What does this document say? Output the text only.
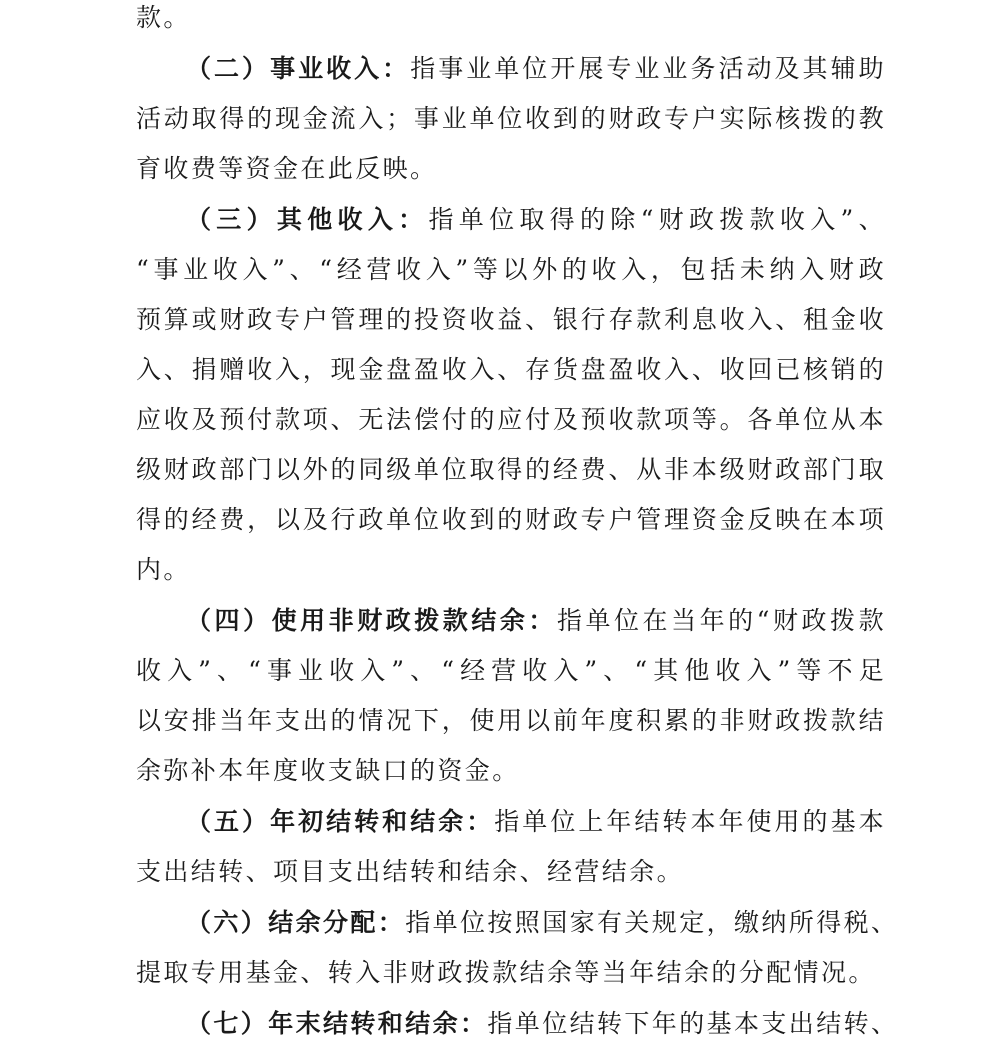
款。
（二）事业收入：指事业单位开展专业业务活动及其辅助
活动取得的现金流入；事业单位收到的财政专户实际核拨的教
育收费等资金在此反映。
（三）其他收入：指单位取得的除“财政拨款收入”、
“事业收入”、“经营收入”等以外的收入，包括未纳入财政
预算或财政专户管理的投资收益、银行存款利息收入、租金收
入、捐赠收入，现金盘盈收入、存货盘盈收入、收回已核销的
应收及预付款项、无法偿付的应付及预收款项等。各单位从本
级财政部门以外的同级单位取得的经费、从非本级财政部门取
得的经费，以及行政单位收到的财政专户管理资金反映在本项
内。
（四）使用非财政拨款结余：指单位在当年的“财政拨款
收入”、“事业收入”、“经营收入”、“其他收入”等不足
以安排当年支出的情况下，使用以前年度积累的非财政拨款结
余弥补本年度收支缺口的资金。
（五）年初结转和结余：指单位上年结转本年使用的基本
支出结转、项目支出结转和结余、经营结余。
（六）结余分配：指单位按照国家有关规定，缴纳所得税、
提取专用基金、转入非财政拨款结余等当年结余的分配情况。
（七）年末结转和结余：指单位结转下年的基本支出结转、
